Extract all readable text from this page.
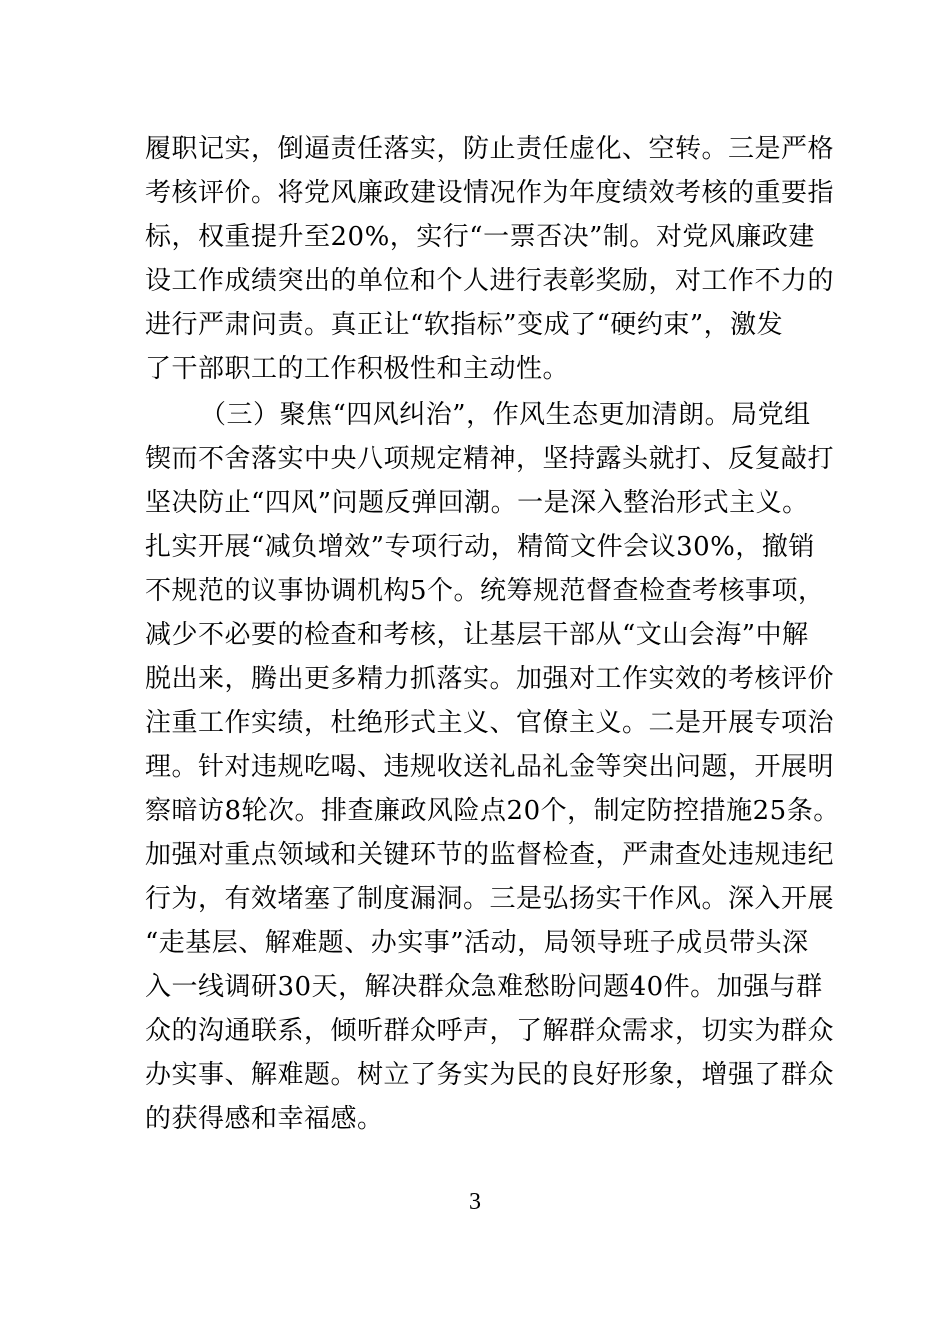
履职记实，倒逼责任落实，防止责任虚化、空转。三是严格
考核评价。将党风廉政建设情况作为年度绩效考核的重要指
标，权重提升至20%，实行“一票否决”制。对党风廉政建
设工作成绩突出的单位和个人进行表彰奖励，对工作不力的
进行严肃问责。真正让“软指标”变成了“硬约束”，激发
了干部职工的工作积极性和主动性。
（三）聚焦“四风纠治”，作风生态更加清朗。局党组
锲而不舍落实中央八项规定精神，坚持露头就打、反复敲打
坚决防止“四风”问题反弹回潮。一是深入整治形式主义。
扎实开展“减负增效”专项行动，精简文件会议30%，撤销
不规范的议事协调机构5个。统筹规范督查检查考核事项，
减少不必要的检查和考核，让基层干部从“文山会海”中解
脱出来，腾出更多精力抓落实。加强对工作实效的考核评价
注重工作实绩，杜绝形式主义、官僚主义。二是开展专项治
理。针对违规吃喝、违规收送礼品礼金等突出问题，开展明
察暗访8轮次。排查廉政风险点20个，制定防控措施25条。
加强对重点领域和关键环节的监督检查，严肃查处违规违纪
行为，有效堵塞了制度漏洞。三是弘扬实干作风。深入开展
“走基层、解难题、办实事”活动，局领导班子成员带头深
入一线调研30天，解决群众急难愁盼问题40件。加强与群
众的沟通联系，倾听群众呼声，了解群众需求，切实为群众
办实事、解难题。树立了务实为民的良好形象，增强了群众
的获得感和幸福感。
3
